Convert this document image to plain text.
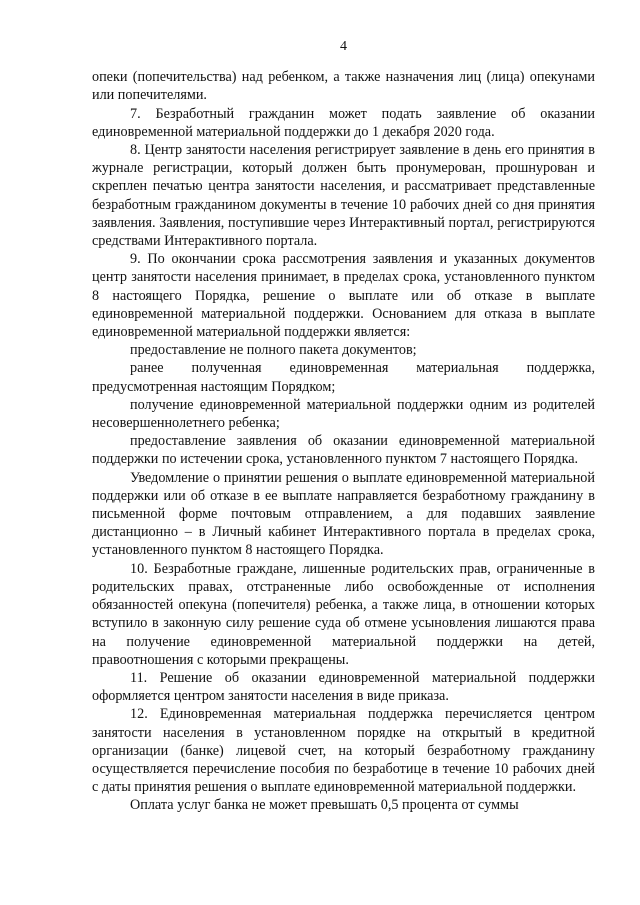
4

опеки (попечительства) над ребенком, а также назначения лиц (лица) опекунами или попечителями.

7. Безработный гражданин может подать заявление об оказании единовременной материальной поддержки до 1 декабря 2020 года.

8. Центр занятости населения регистрирует заявление в день его принятия в журнале регистрации, который должен быть пронумерован, прошнурован и скреплен печатью центра занятости населения, и рассматривает представленные безработным гражданином документы в течение 10 рабочих дней со дня принятия заявления. Заявления, поступившие через Интерактивный портал, регистрируются средствами Интерактивного портала.

9. По окончании срока рассмотрения заявления и указанных документов центр занятости населения принимает, в пределах срока, установленного пунктом 8 настоящего Порядка, решение о выплате или об отказе в выплате единовременной материальной поддержки. Основанием для отказа в выплате единовременной материальной поддержки является:

предоставление не полного пакета документов;

ранее полученная единовременная материальная поддержка, предусмотренная настоящим Порядком;

получение единовременной материальной поддержки одним из родителей несовершеннолетнего ребенка;

предоставление заявления об оказании единовременной материальной поддержки по истечении срока, установленного пунктом 7 настоящего Порядка.

Уведомление о принятии решения о выплате единовременной материальной поддержки или об отказе в ее выплате направляется безработному гражданину в письменной форме почтовым отправлением, а для подавших заявление дистанционно – в Личный кабинет Интерактивного портала в пределах срока, установленного пунктом 8 настоящего Порядка.

10. Безработные граждане, лишенные родительских прав, ограниченные в родительских правах, отстраненные либо освобожденные от исполнения обязанностей опекуна (попечителя) ребенка, а также лица, в отношении которых вступило в законную силу решение суда об отмене усыновления лишаются права на получение единовременной материальной поддержки на детей, правоотношения с которыми прекращены.

11. Решение об оказании единовременной материальной поддержки оформляется центром занятости населения в виде приказа.

12. Единовременная материальная поддержка перечисляется центром занятости населения в установленном порядке на открытый в кредитной организации (банке) лицевой счет, на который безработному гражданину осуществляется перечисление пособия по безработице в течение 10 рабочих дней с даты принятия решения о выплате единовременной материальной поддержки.

Оплата услуг банка не может превышать 0,5 процента от суммы
